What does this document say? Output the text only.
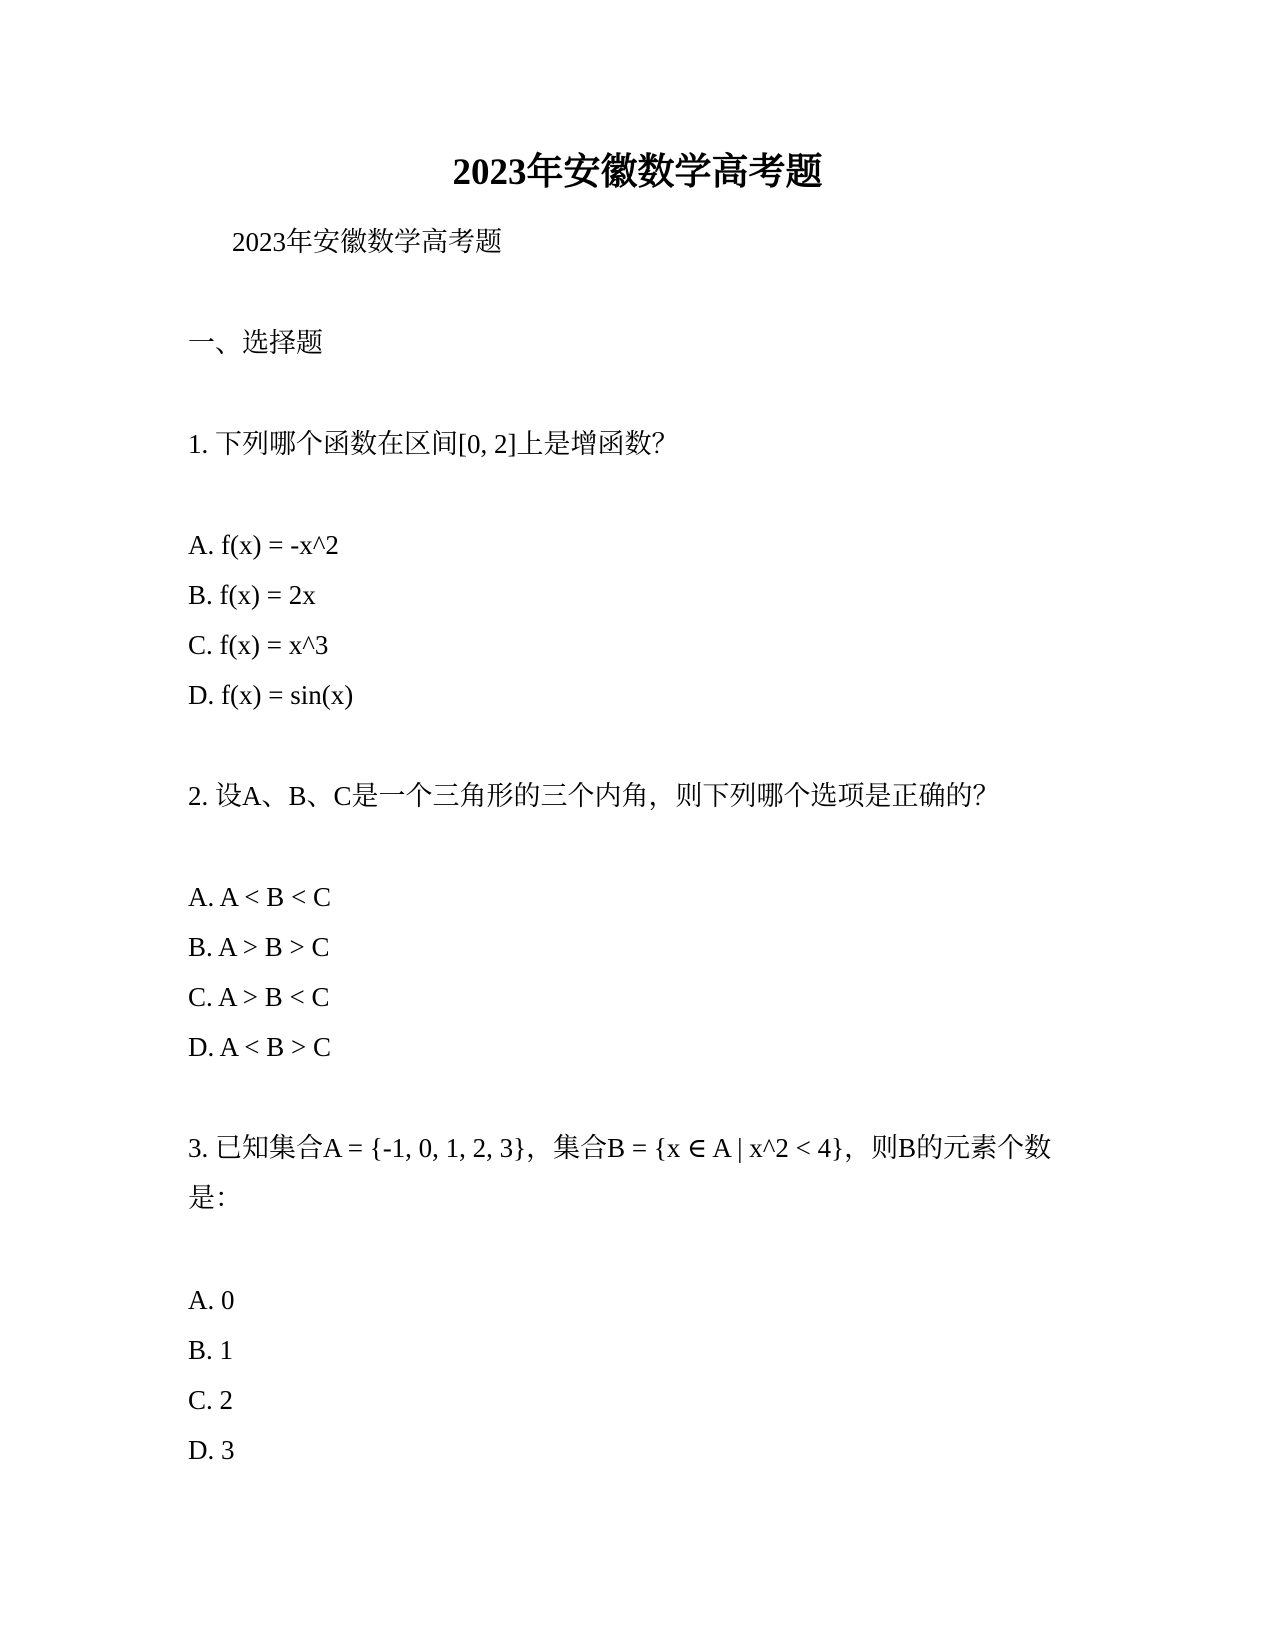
2023年安徽数学高考题

2023年安徽数学高考题

一、选择题

1. 下列哪个函数在区间[0, 2]上是增函数？

A. f(x) = -x^2

B. f(x) = 2x

C. f(x) = x^3

D. f(x) = sin(x)

2. 设A、B、C是一个三角形的三个内角，则下列哪个选项是正确的？

A. A < B < C

B. A > B > C

C. A > B < C

D. A < B > C

3. 已知集合A = {-1, 0, 1, 2, 3}，集合B = {x ∈ A | x^2 < 4}，则B的元素个数是：

A. 0

B. 1

C. 2

D. 3
